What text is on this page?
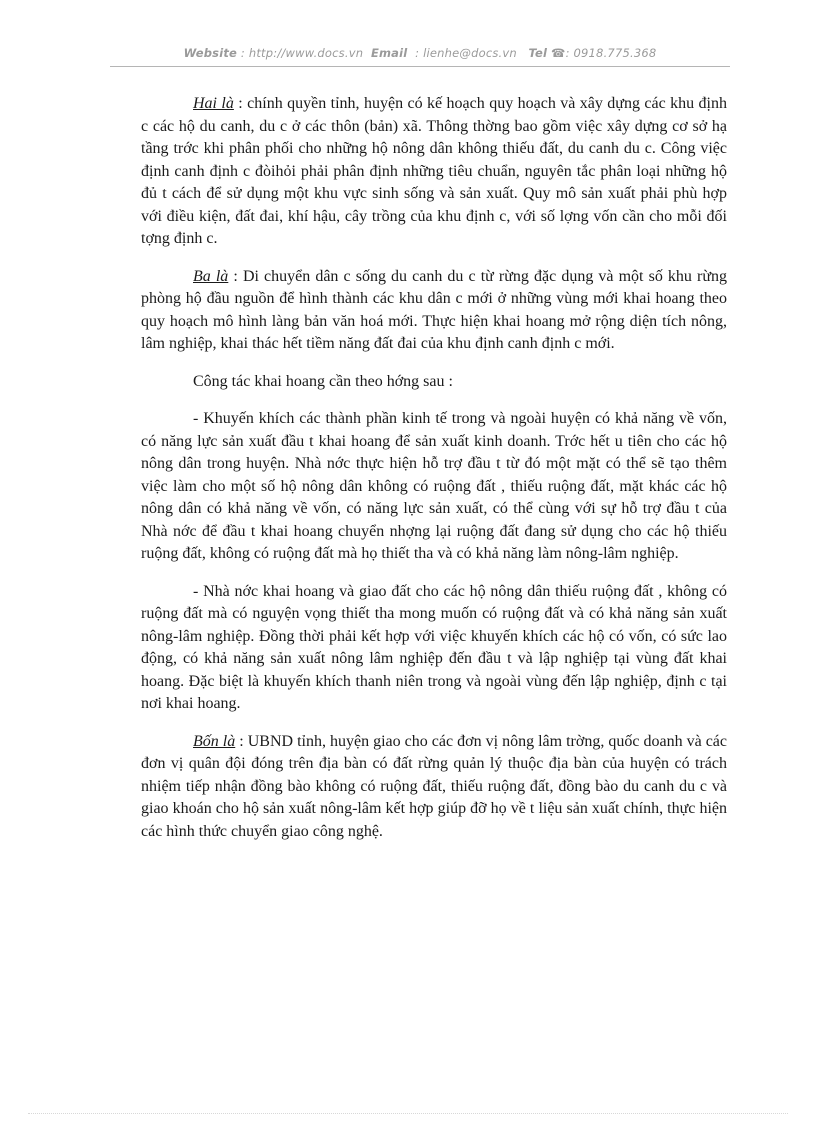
Website : http://www.docs.vn Email : lienhe@docs.vn Tel ☎: 0918.775.368

Hai là : chính quyền tỉnh, huyện có kế hoạch quy hoạch và xây dựng các khu định c các hộ du canh, du c ở các thôn (bản) xã. Thông thờng bao gồm việc xây dựng cơ sở hạ tầng trớc khi phân phối cho những hộ nông dân không thiếu đất, du canh du c. Công việc định canh định c đòihỏi phải phân định những tiêu chuẩn, nguyên tắc phân loại những hộ đủ t cách để sử dụng một khu vực sinh sống và sản xuất. Quy mô sản xuất phải phù hợp với điều kiện, đất đai, khí hậu, cây trồng của khu định c, với số lợng vốn cần cho mỗi đối tợng định c.

Ba là : Di chuyển dân c sống du canh du c từ rừng đặc dụng và một số khu rừng phòng hộ đầu nguồn để hình thành các khu dân c mới ở những vùng mới khai hoang theo quy hoạch mô hình làng bản văn hoá mới. Thực hiện khai hoang mở rộng diện tích nông, lâm nghiệp, khai thác hết tiềm năng đất đai của khu định canh định c mới.

Công tác khai hoang cần theo hớng sau :

- Khuyến khích các thành phần kinh tế trong và ngoài huyện có khả năng về vốn, có năng lực sản xuất đầu t khai hoang để sản xuất kinh doanh. Trớc hết u tiên cho các hộ nông dân trong huyện. Nhà nớc thực hiện hỗ trợ đầu t từ đó một mặt có thể sẽ tạo thêm việc làm cho một số hộ nông dân không có ruộng đất , thiếu ruộng đất, mặt khác các hộ nông dân có khả năng về vốn, có năng lực sản xuất, có thể cùng với sự hỗ trợ đầu t của Nhà nớc để đầu t khai hoang chuyển nhợng lại ruộng đất đang sử dụng cho các hộ thiếu ruộng đất, không có ruộng đất mà họ thiết tha và có khả năng làm nông-lâm nghiệp.

- Nhà nớc khai hoang và giao đất cho các hộ nông dân thiếu ruộng đất , không có ruộng đất mà có nguyện vọng thiết tha mong muốn có ruộng đất và có khả năng sản xuất nông-lâm nghiệp. Đồng thời phải kết hợp với việc khuyến khích các hộ có vốn, có sức lao động, có khả năng sản xuất nông lâm nghiệp đến đầu t và lập nghiệp tại vùng đất khai hoang. Đặc biệt là khuyến khích thanh niên trong và ngoài vùng đến lập nghiệp, định c tại nơi khai hoang.

Bốn là : UBND tỉnh, huyện giao cho các đơn vị nông lâm trờng, quốc doanh và các đơn vị quân đội đóng trên địa bàn có đất rừng quản lý thuộc địa bàn của huyện có trách nhiệm tiếp nhận đồng bào không có ruộng đất, thiếu ruộng đất, đồng bào du canh du c và giao khoán cho hộ sản xuất nông-lâm kết hợp giúp đỡ họ về t liệu sản xuất chính, thực hiện các hình thức chuyển giao công nghệ.
